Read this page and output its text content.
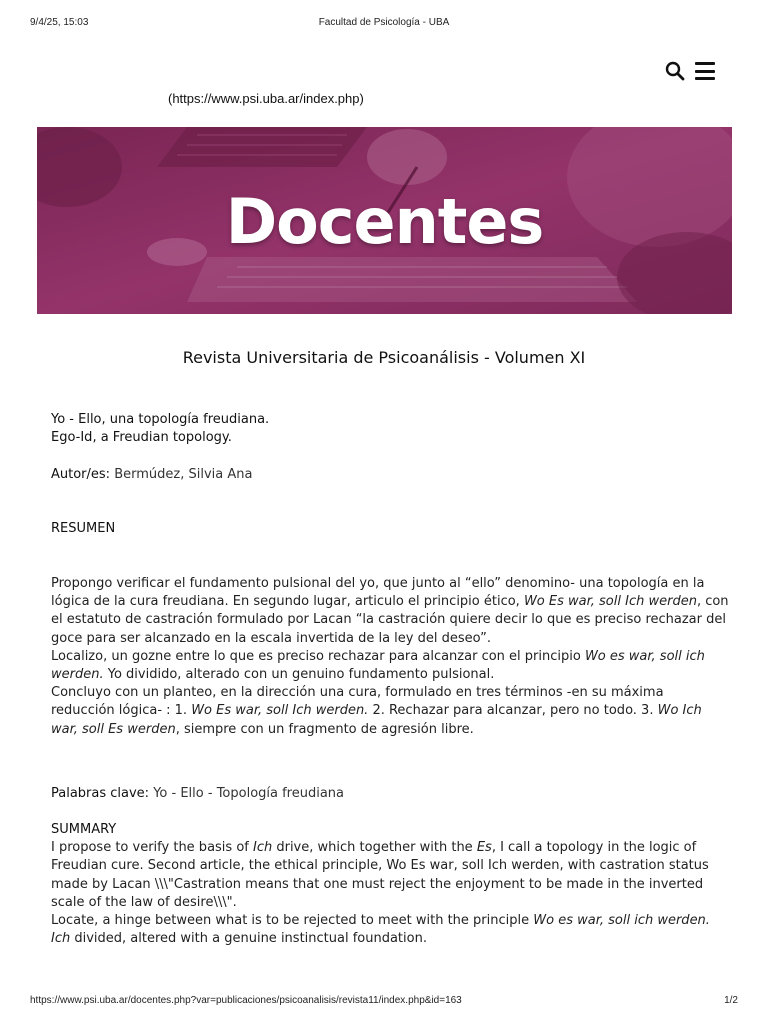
9/4/25, 15:03	Facultad de Psicología - UBA
(https://www.psi.uba.ar/index.php)
Docentes
Revista Universitaria de Psicoanálisis - Volumen XI

Yo - Ello, una topología freudiana.

Ego-Id, a Freudian topology.

Autor/es: Bermúdez, Silvia Ana
RESUMEN

Propongo verificar el fundamento pulsional del yo, que junto al “ello” denomino- una topología en la lógica de la cura freudiana. En segundo lugar, articulo el principio ético, Wo Es war, soll Ich werden, con el estatuto de castración formulado por Lacan “la castración quiere decir lo que es preciso rechazar del goce para ser alcanzado en la escala invertida de la ley del deseo”.

Localizo, un gozne entre lo que es preciso rechazar para alcanzar con el principio Wo es war, soll ich werden. Yo dividido, alterado con un genuino fundamento pulsional.

Concluyo con un planteo, en la dirección una cura, formulado en tres términos -en su máxima reducción lógica- : 1. Wo Es war, soll Ich werden. 2. Rechazar para alcanzar, pero no todo. 3. Wo Ich war, soll Es werden, siempre con un fragmento de agresión libre.

Palabras clave: Yo - Ello - Topología freudiana

SUMMARY

I propose to verify the basis of Ich drive, which together with the Es, I call a topology in the logic of Freudian cure. Second article, the ethical principle, Wo Es war, soll Ich werden, with castration status made by Lacan \\\"Castration means that one must reject the enjoyment to be made in the inverted scale of the law of desire\\\".

Locate, a hinge between what is to be rejected to meet with the principle Wo es war, soll ich werden. Ich divided, altered with a genuine instinctual foundation.

https://www.psi.uba.ar/docentes.php?var=publicaciones/psicoanalisis/revista11/index.php&id=163	1/2
